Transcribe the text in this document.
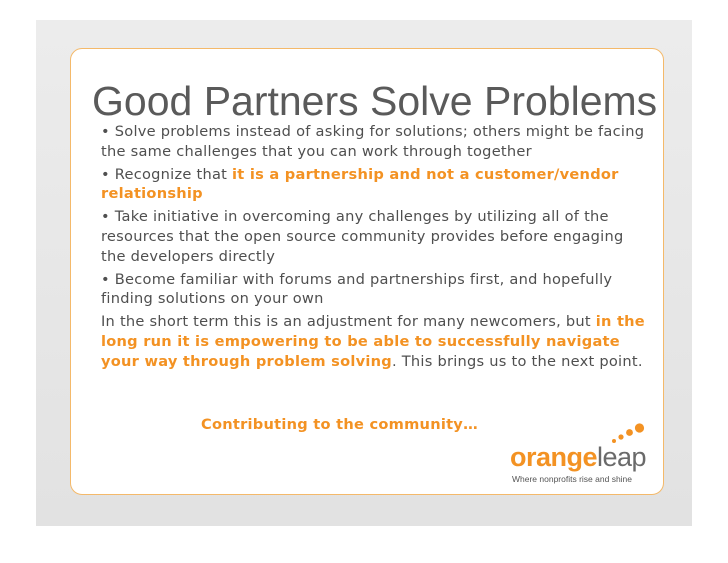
Good Partners Solve Problems

• Solve problems instead of asking for solutions; others might be facing the same challenges that you can work through together

• Recognize that it is a partnership and not a customer/vendor relationship

• Take initiative in overcoming any challenges by utilizing all of the resources that the open source community provides before engaging the developers directly

• Become familiar with forums and partnerships first, and hopefully finding solutions on your own

In the short term this is an adjustment for many newcomers, but in the long run it is empowering to be able to successfully navigate your way through problem solving. This brings us to the next point.

Contributing to the community…
orangeleap
Where nonprofits rise and shine
